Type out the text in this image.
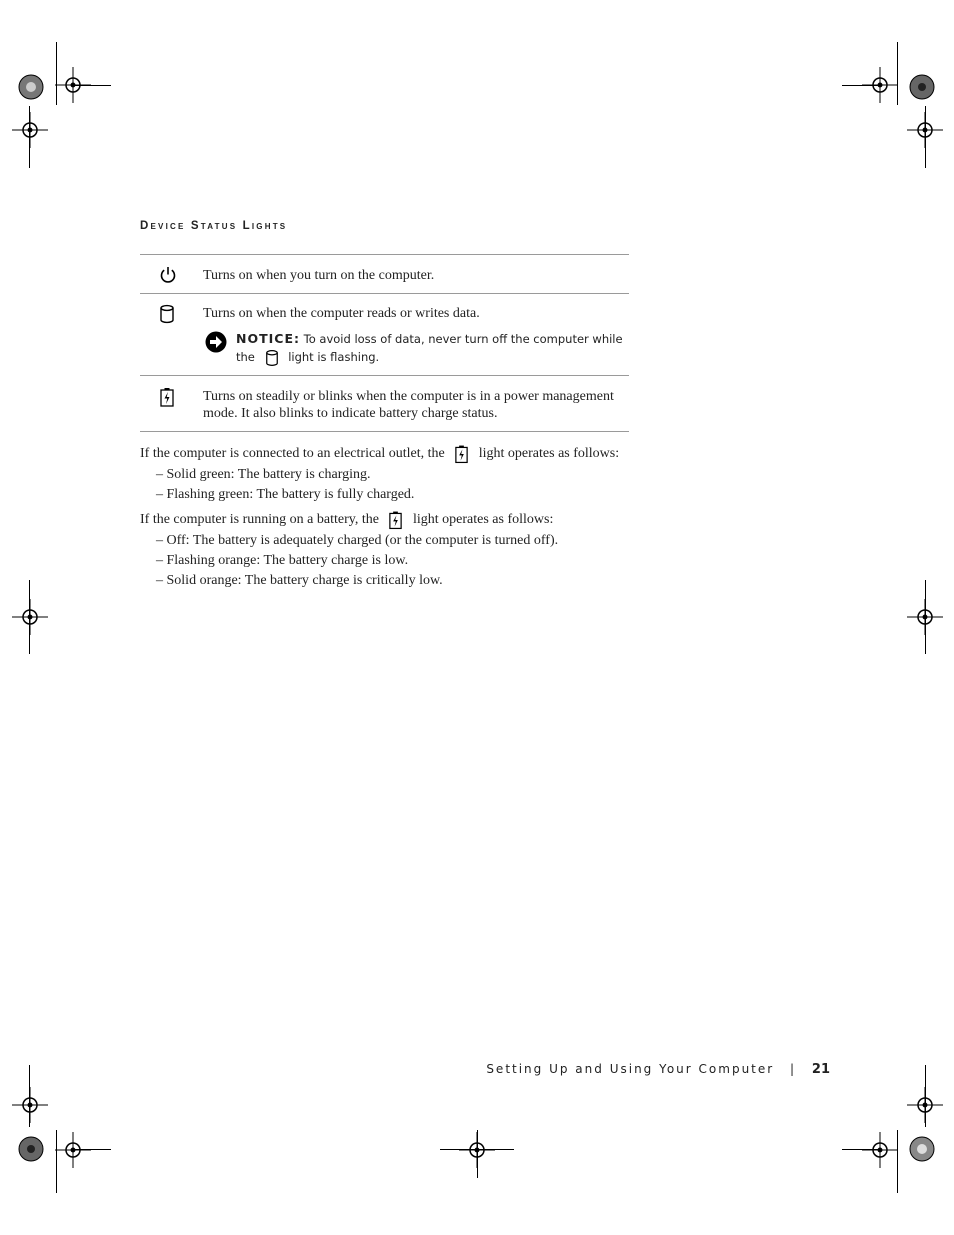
Device Status Lights
Turns on when you turn on the computer.
Turns on when the computer reads or writes data.
NOTICE: To avoid loss of data, never turn off the computer while the	light is flashing.
Turns on steadily or blinks when the computer is in a power management mode. It also blinks to indicate battery charge status.

If the computer is connected to an electrical outlet, the light operates as follows:

– Solid green: The battery is charging.

– Flashing green: The battery is fully charged.

If the computer is running on a battery, the light operates as follows:

– Off: The battery is adequately charged (or the computer is turned off).

– Flashing orange: The battery charge is low.

– Solid orange: The battery charge is critically low.

Setting Up and Using Your Computer | 21
